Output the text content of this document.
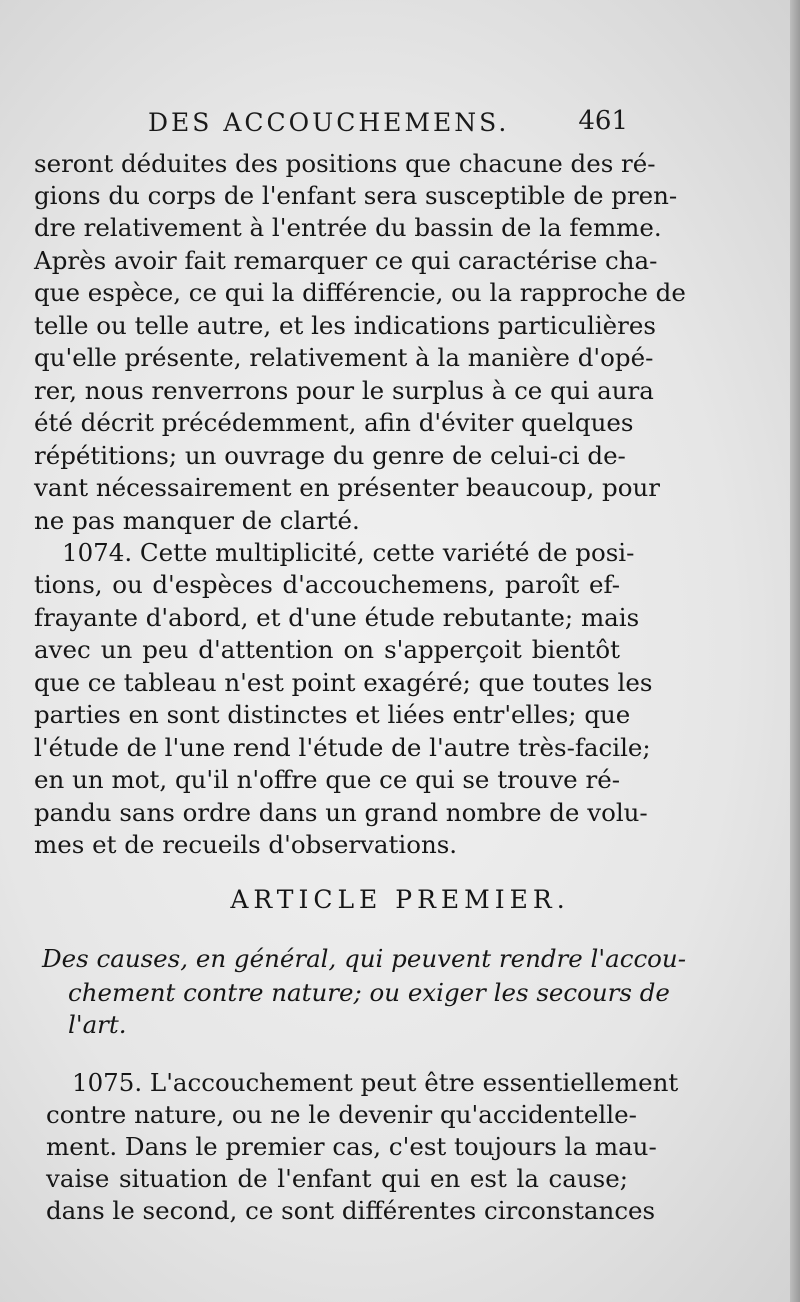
DES ACCOUCHEMENS.	461
seront déduites des positions que chacune des ré-
gions du corps de l'enfant sera susceptible de pren-
dre relativement à l'entrée du bassin de la femme.
Après avoir fait remarquer ce qui caractérise cha-
que espèce, ce qui la différencie, ou la rapproche de
telle ou telle autre, et les indications particulières
qu'elle présente, relativement à la manière d'opé-
rer, nous renverrons pour le surplus à ce qui aura
été décrit précédemment, afin d'éviter quelques
répétitions; un ouvrage du genre de celui-ci de-
vant nécessairement en présenter beaucoup, pour
ne pas manquer de clarté.
1074. Cette multiplicité, cette variété de posi-
tions, ou d'espèces d'accouchemens, paroît ef-
frayante d'abord, et d'une étude rebutante; mais
avec un peu d'attention on s'apperçoit bientôt
que ce tableau n'est point exagéré; que toutes les
parties en sont distinctes et liées entr'elles; que
l'étude de l'une rend l'étude de l'autre très-facile;
en un mot, qu'il n'offre que ce qui se trouve ré-
pandu sans ordre dans un grand nombre de volu-
mes et de recueils d'observations.
ARTICLE PREMIER.
Des causes, en général, qui peuvent rendre l'accou-
chement contre nature; ou exiger les secours de
l'art.
1075. L'accouchement peut être essentiellement
contre nature, ou ne le devenir qu'accidentelle-
ment. Dans le premier cas, c'est toujours la mau-
vaise situation de l'enfant qui en est la cause;
dans le second, ce sont différentes circonstances
